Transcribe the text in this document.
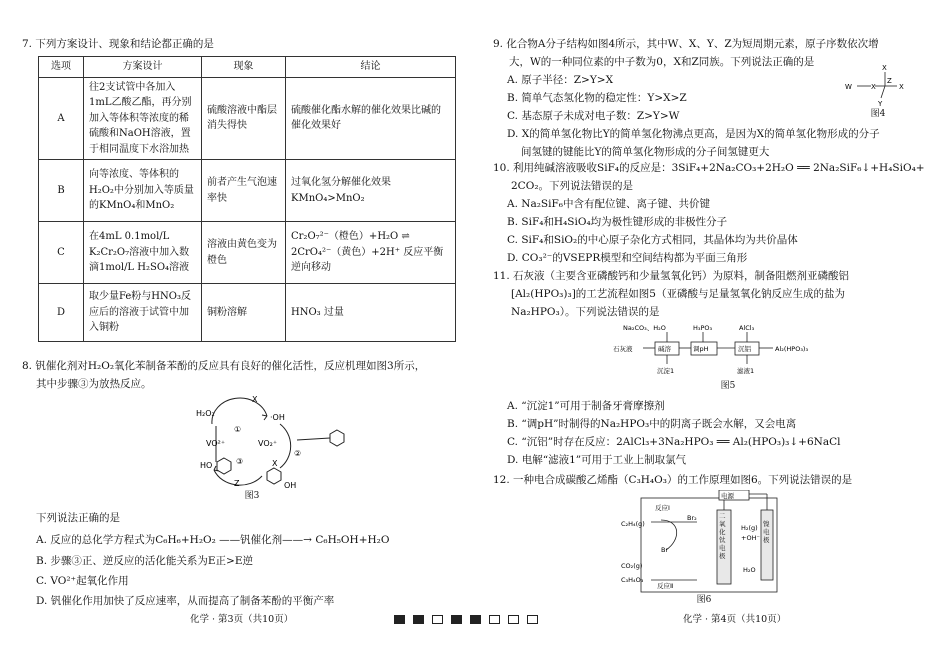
7. 下列方案设计、现象和结论都正确的是

选项	方案设计	现象	结论
A	往2支试管中各加入1mL乙酸乙酯，再分别加入等体积等浓度的稀硫酸和NaOH溶液，置于相同温度下水浴加热	硫酸溶液中酯层消失得快	硫酸催化酯水解的催化效果比碱的催化效果好
B	向等浓度、等体积的H₂O₂中分别加入等质量的KMnO₄和MnO₂	前者产生气泡速率快	过氧化氢分解催化效果KMnO₄>MnO₂
C	在4mL 0.1mol/L K₂Cr₂O₇溶液中加入数滴1mol/L H₂SO₄溶液	溶液由黄色变为橙色	Cr₂O₇²⁻（橙色）+H₂O ⇌ 2CrO₄²⁻（黄色）+2H⁺ 反应平衡逆向移动
D	取少量Fe粉与HNO₃反应后的溶液于试管中加入铜粉	铜粉溶解	HNO₃ 过量

8. 钒催化剂对H₂O₂氧化苯制备苯酚的反应具有良好的催化活性，反应机理如图3所示，

其中步骤③为放热反应。

H₂O₂	·OH
X
①
②
③
VO²⁺	VO₂⁺
HO
Z
X
OH
图3

下列说法正确的是

A. 反应的总化学方程式为C₆H₆+H₂O₂ ——钒催化剂——→ C₆H₅OH+H₂O

B. 步骤③正、逆反应的活化能关系为E正>E逆

C. VO²⁺起氧化作用

D. 钒催化作用加快了反应速率，从而提高了制备苯酚的平衡产率

化学 · 第3页（共10页）

9. 化合物A分子结构如图4所示，其中W、X、Y、Z为短周期元素，原子序数依次增

大，W的一种同位素的中子数为0，X和Z同族。下列说法正确的是

A. 原子半径：Z>Y>X

B. 简单气态氢化物的稳定性：Y>X>Z

C. 基态原子未成对电子数：Z>Y>W

D. X的简单氢化物比Y的简单氢化物沸点更高，是因为X的简单氢化物形成的分子

间氢键的键能比Y的简单氢化物形成的分子间氢键更大

W	X
X
Z
X
Y
图4

10. 利用纯碱溶液吸收SiF₄的反应是：3SiF₄+2Na₂CO₃+2H₂O ══ 2Na₂SiF₆↓+H₄SiO₄+

2CO₂。下列说法错误的是

A. Na₂SiF₆中含有配位键、离子键、共价键

B. SiF₄和H₄SiO₄均为极性键形成的非极性分子

C. SiF₄和SiO₂的中心原子杂化方式相同，其晶体均为共价晶体

D. CO₃²⁻的VSEPR模型和空间结构都为平面三角形

11. 石灰液（主要含亚磷酸钙和少量氢氧化钙）为原料，制备阻燃剂亚磷酸铝

[Al₂(HPO₃)₃]的工艺流程如图5（亚磷酸与足量氢氧化钠反应生成的盐为

Na₂HPO₃）。下列说法错误的是

Na₂CO₃、H₂O	H₃PO₃	AlCl₃
石灰液	碱溶	调pH	沉铝	Al₂(HPO₃)₃
沉淀1	滤液1
图5

A. “沉淀1”可用于制备牙膏摩擦剂

B. “调pH”时制得的Na₂HPO₃中的阴离子既会水解，又会电离

C. “沉铝”时存在反应：2AlCl₃+3Na₂HPO₃ ══ Al₂(HPO₃)₃↓+6NaCl

D. 电解“滤液1”可用于工业上制取氯气

12. 一种电合成碳酸乙烯酯（C₃H₄O₃）的工作原理如图6。下列说法错误的是

电源
反应Ⅰ
C₂H₄(g)
Br₂
Br
CO₂(g)
C₃H₄O₃
反应Ⅱ
H₂(g)
+OH⁻
H₂O
二氧化钛电极
镍电极
图6
化学 · 第4页（共10页）
